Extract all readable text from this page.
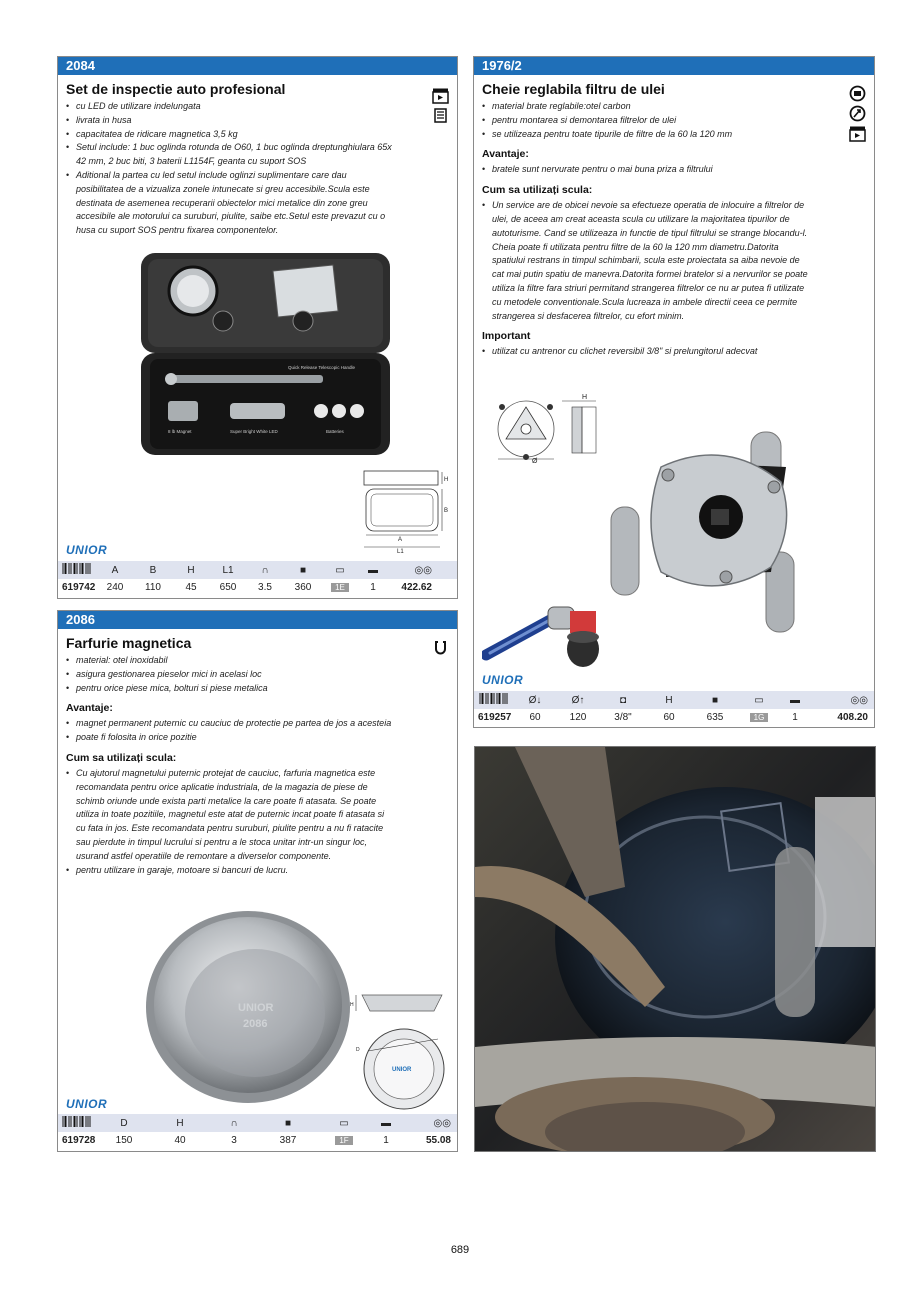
2084
Set de inspectie auto profesional
• cu LED de utilizare indelungata
• livrata in husa
• capacitatea de ridicare magnetica 3,5 kg
• Setul include: 1 buc oglinda rotunda de O60, 1 buc oglinda dreptunghiulara 65x 42 mm, 2 buc biti, 3 baterii L1154F, geanta cu suport SOS
• Aditional la partea cu led setul include oglinzi suplimentare care dau posibilitatea de a vizualiza zonele intunecate si greu accesibile.Scula este destinata de asemenea recuperarii obiectelor mici metalice din zone greu accesibile ale motorului ca suruburi, piulite, saibe etc.Setul este prevazut cu o husa cu suport SOS pentru fixarea componentelor.
Quick Release Telescopic Handle
8 lb Magnet	Super Bright White LED	Batteries
H
B
A
L1
UNIOR
A	B	H	L1	∩	■	▭	▬	◎◎
619742	240	110	45	650	3.5	360	1E	1	422.62
2086
Farfurie magnetica
• material: otel inoxidabil
• asigura gestionarea pieselor mici in acelasi loc
• pentru orice piese mica, bolturi si piese metalica
Avantaje:
• magnet permanent puternic cu cauciuc de protectie pe partea de jos a acesteia
• poate fi folosita in orice pozitie
Cum sa utilizați scula:
• Cu ajutorul magnetului puternic protejat de cauciuc, farfuria magnetica este recomandata pentru orice aplicatie industriala, de la magazia de piese de schimb oriunde unde exista parti metalice la care poate fi atasata. Se poate utiliza in toate pozitiile, magnetul este atat de puternic incat poate fi atasata si cu fata in jos. Este recomandata pentru suruburi, piulite pentru a nu fi ratacite sau pierdute in timpul lucrului si pentru a le stoca unitar intr-un singur loc, usurand astfel operatiile de remontare a diverselor componente.
• pentru utilizare in garaje, motoare si bancuri de lucru.
UNIOR
2086
H
D
UNIOR
UNIOR
D	H	∩	■	▭	▬	◎◎
619728	150	40	3	387	1F	1	55.08
1976/2
Cheie reglabila filtru de ulei
• material brate reglabile:otel carbon
• pentru montarea si demontarea filtrelor de ulei
• se utilizeaza pentru toate tipurile de filtre de la 60 la 120 mm
Avantaje:
• bratele sunt nervurate pentru o mai buna priza a filtrului
Cum sa utilizați scula:
• Un service are de obicei nevoie sa efectueze operatia de inlocuire a filtrelor de ulei, de aceea am creat aceasta scula cu utilizare la majoritatea tipurilor de autoturisme. Cand se utilizeaza in functie de tipul filtrului se strange blocandu-l. Cheia poate fi utilizata pentru filtre de la 60 la 120 mm diametru.Datorita spatiului restrans in timpul schimbarii, scula este proiectata sa aiba nevoie de cat mai putin spatiu de manevra.Datorita formei bratelor si a nervurilor se poate utiliza la filtre fara striuri permitand strangerea filtrelor ce nu ar putea fi utilizate cu metodele conventionale.Scula lucreaza in ambele directii ceea ce permite strangerea si desfacerea filtrelor, cu efort minim.
Important
• utilizat cu antrenor cu clichet reversibil 3/8" si prelungitorul adecvat
Ø
H
UNIOR
Ø↓	Ø↑	◘	H	■	▭	▬	◎◎
619257	60	120	3/8"	60	635	1G	1	408.20
689
